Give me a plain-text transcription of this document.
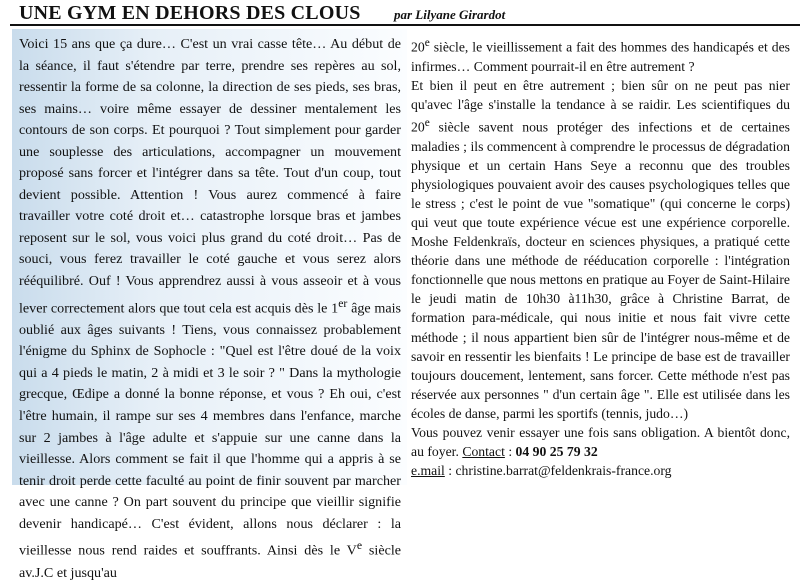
UNE GYM EN DEHORS DES CLOUS	par Lilyane Girardot

Voici 15 ans que ça dure… C'est un vrai casse tête… Au début de la séance, il faut s'étendre par terre, prendre ses repères au sol, ressentir la forme de sa colonne, la direction de ses pieds, ses bras, ses mains… voire même essayer de dessiner mentalement les contours de son corps. Et pourquoi ? Tout simplement pour garder une souplesse des articulations, accompagner un mouvement proposé sans forcer et l'intégrer dans sa tête. Tout d'un coup, tout devient possible. Attention ! Vous aurez commencé à faire travailler votre coté droit et… catastrophe lorsque bras et jambes reposent sur le sol, vous voici plus grand du coté droit… Pas de souci, vous ferez travailler le coté gauche et vous serez alors rééquilibré. Ouf ! Vous apprendrez aussi à vous asseoir et à vous lever correctement alors que tout cela est acquis dès le 1er âge mais oublié aux âges suivants ! Tiens, vous connaissez probablement l'énigme du Sphinx de Sophocle : "Quel est l'être doué de la voix qui a 4 pieds le matin, 2 à midi et 3 le soir ? " Dans la mythologie grecque, Œdipe a donné la bonne réponse, et vous ? Eh oui, c'est l'être humain, il rampe sur ses 4 membres dans l'enfance, marche sur 2 jambes à l'âge adulte et s'appuie sur une canne dans la vieillesse. Alors comment se fait il que l'homme qui a appris à se tenir droit perde cette faculté au point de finir souvent par marcher avec une canne ? On part souvent du principe que vieillir signifie devenir handicapé… C'est évident, allons nous déclarer : la vieillesse nous rend raides et souffrants. Ainsi dès le Ve siècle av.J.C et jusqu'au

20e siècle, le vieillissement a fait des hommes des handicapés et des infirmes… Comment pourrait-il en être autrement ?

Et bien il peut en être autrement ; bien sûr on ne peut pas nier qu'avec l'âge s'installe la tendance à se raidir. Les scientifiques du 20e siècle savent nous protéger des infections et de certaines maladies ; ils commencent à comprendre le processus de dégradation physique et un certain Hans Seye a reconnu que des troubles physiologiques pouvaient avoir des causes psychologiques telles que le stress ; c'est le point de vue "somatique" (qui concerne le corps) qui veut que toute expérience vécue est une expérience corporelle. Moshe Feldenkraïs, docteur en sciences physiques, a pratiqué cette théorie dans une méthode de rééducation corporelle : l'intégration fonctionnelle que nous mettons en pratique au Foyer de Saint-Hilaire le jeudi matin de 10h30 à11h30, grâce à Christine Barrat, de formation para-médicale, qui nous initie et nous fait vivre cette méthode ; il nous appartient bien sûr de l'intégrer nous-même et de savoir en ressentir les bienfaits ! Le principe de base est de travailler toujours doucement, lentement, sans forcer. Cette méthode n'est pas réservée aux personnes " d'un certain âge ". Elle est utilisée dans les écoles de danse, parmi les sportifs (tennis, judo…)

Vous pouvez venir essayer une fois sans obligation. A bientôt donc, au foyer. Contact : 04 90 25 79 32

e.mail : christine.barrat@feldenkrais-france.org
